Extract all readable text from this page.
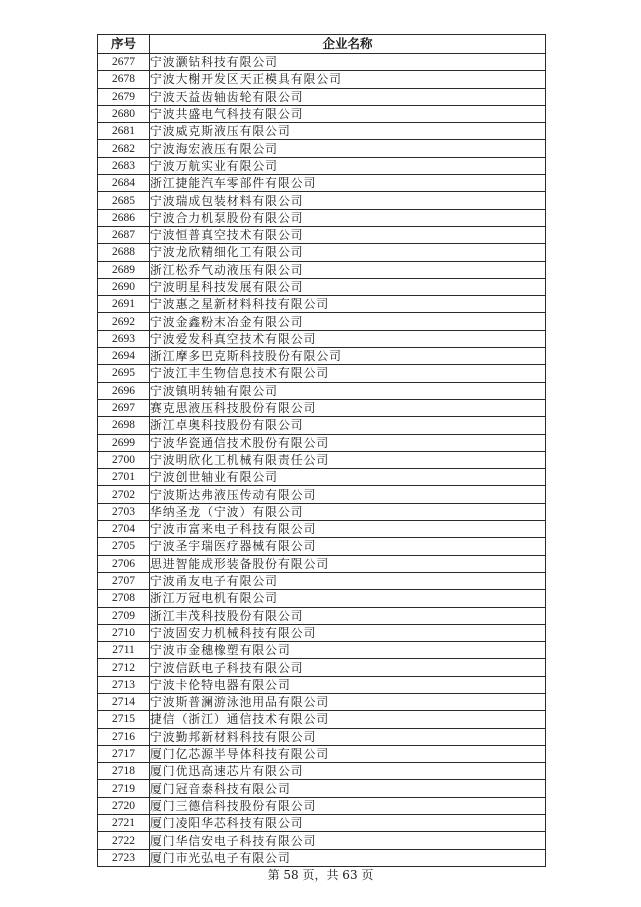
序号	企业名称
2677	宁波灏钻科技有限公司
2678	宁波大榭开发区天正模具有限公司
2679	宁波天益齿轴齿轮有限公司
2680	宁波共盛电气科技有限公司
2681	宁波威克斯液压有限公司
2682	宁波海宏液压有限公司
2683	宁波万航实业有限公司
2684	浙江捷能汽车零部件有限公司
2685	宁波瑞成包装材料有限公司
2686	宁波合力机泵股份有限公司
2687	宁波恒普真空技术有限公司
2688	宁波龙欣精细化工有限公司
2689	浙江松乔气动液压有限公司
2690	宁波明星科技发展有限公司
2691	宁波惠之星新材料科技有限公司
2692	宁波金鑫粉末冶金有限公司
2693	宁波爱发科真空技术有限公司
2694	浙江摩多巴克斯科技股份有限公司
2695	宁波江丰生物信息技术有限公司
2696	宁波镇明转轴有限公司
2697	赛克思液压科技股份有限公司
2698	浙江卓奥科技股份有限公司
2699	宁波华瓷通信技术股份有限公司
2700	宁波明欣化工机械有限责任公司
2701	宁波创世轴业有限公司
2702	宁波斯达弗液压传动有限公司
2703	华纳圣龙（宁波）有限公司
2704	宁波市富来电子科技有限公司
2705	宁波圣宇瑞医疗器械有限公司
2706	思进智能成形装备股份有限公司
2707	宁波甬友电子有限公司
2708	浙江万冠电机有限公司
2709	浙江丰茂科技股份有限公司
2710	宁波固安力机械科技有限公司
2711	宁波市金穗橡塑有限公司
2712	宁波信跃电子科技有限公司
2713	宁波卡伦特电器有限公司
2714	宁波斯普澜游泳池用品有限公司
2715	捷信（浙江）通信技术有限公司
2716	宁波勤邦新材料科技有限公司
2717	厦门亿芯源半导体科技有限公司
2718	厦门优迅高速芯片有限公司
2719	厦门冠音泰科技有限公司
2720	厦门三德信科技股份有限公司
2721	厦门凌阳华芯科技有限公司
2722	厦门华信安电子科技有限公司
2723	厦门市光弘电子有限公司
第 58 页，共 63 页
